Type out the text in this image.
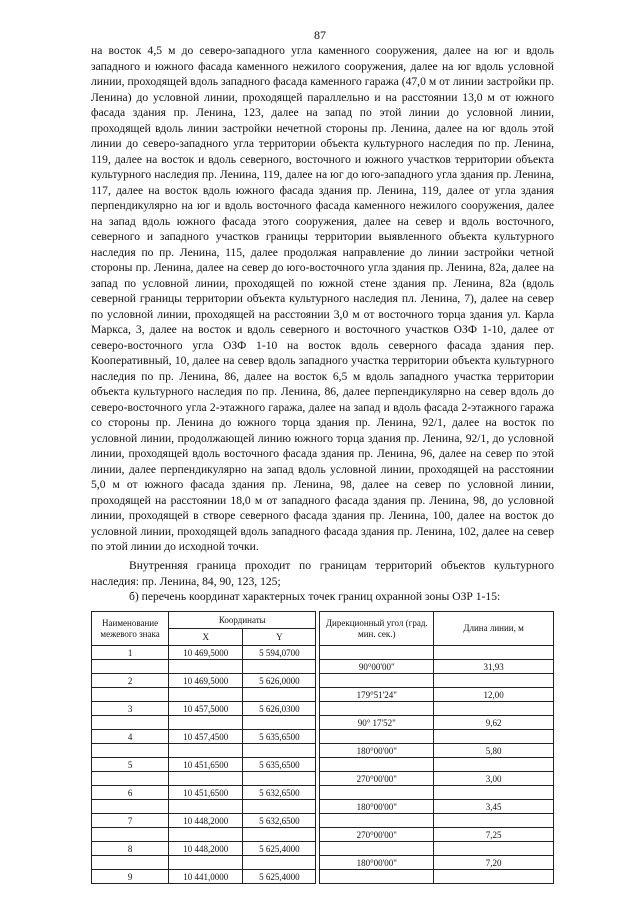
87

на восток 4,5 м до северо-западного угла каменного сооружения, далее на юг и вдоль западного и южного фасада каменного нежилого сооружения, далее на юг вдоль условной линии, проходящей вдоль западного фасада каменного гаража (47,0 м от линии застройки пр. Ленина) до условной линии, проходящей параллельно и на расстоянии 13,0 м от южного фасада здания пр. Ленина, 123, далее на запад по этой линии до условной линии, проходящей вдоль линии застройки нечетной стороны пр. Ленина, далее на юг вдоль этой линии до северо-западного угла территории объекта культурного наследия по пр. Ленина, 119, далее на восток и вдоль северного, восточного и южного участков территории объекта культурного наследия пр. Ленина, 119, далее на юг до юго-западного угла здания пр. Ленина, 117, далее на восток вдоль южного фасада здания пр. Ленина, 119, далее от угла здания перпендикулярно на юг и вдоль восточного фасада каменного нежилого сооружения, далее на запад вдоль южного фасада этого сооружения, далее на север и вдоль восточного, северного и западного участков границы территории выявленного объекта культурного наследия по пр. Ленина, 115, далее продолжая направление до линии застройки четной стороны пр. Ленина, далее на север до юго-восточного угла здания пр. Ленина, 82а, далее на запад по условной линии, проходящей по южной стене здания пр. Ленина, 82а (вдоль северной границы территории объекта культурного наследия пл. Ленина, 7), далее на север по условной линии, проходящей на расстоянии 3,0 м от восточного торца здания ул. Карла Маркса, 3, далее на восток и вдоль северного и восточного участков ОЗФ 1-10, далее от северо-восточного угла ОЗФ 1-10 на восток вдоль северного фасада здания пер. Кооперативный, 10, далее на север вдоль западного участка территории объекта культурного наследия по пр. Ленина, 86, далее на восток 6,5 м вдоль западного участка территории объекта культурного наследия по пр. Ленина, 86, далее перпендикулярно на север вдоль до северо-восточного угла 2-этажного гаража, далее на запад и вдоль фасада 2-этажного гаража со стороны пр. Ленина до южного торца здания пр. Ленина, 92/1, далее на восток по условной линии, продолжающей линию южного торца здания пр. Ленина, 92/1, до условной линии, проходящей вдоль восточного фасада здания пр. Ленина, 96, далее на север по этой линии, далее перпендикулярно на запад вдоль условной линии, проходящей на расстоянии 5,0 м от южного фасада здания пр. Ленина, 98, далее на север по условной линии, проходящей на расстоянии 18,0 м от западного фасада здания пр. Ленина, 98, до условной линии, проходящей в створе северного фасада здания пр. Ленина, 100, далее на восток до условной линии, проходящей вдоль западного фасада здания пр. Ленина, 102, далее на север по этой линии до исходной точки.

Внутренняя граница проходит по границам территорий объектов культурного наследия: пр. Ленина, 84, 90, 123, 125;

б) перечень координат характерных точек границ охранной зоны ОЗР 1-15:

Наименование межевого знака	Координаты			Дирекционный угол (град. мин. сек.)	Длина линии, м
	X	Y			
1	10 469,5000	5 594,0700			
				90°00'00"	31,93
2	10 469,5000	5 626,0000			
				179°51'24"	12,00
3	10 457,5000	5 626,0300			
				90° 17'52"	9,62
4	10 457,4500	5 635,6500			
				180°00'00"	5,80
5	10 451,6500	5 635,6500			
				270°00'00"	3,00
6	10 451,6500	5 632,6500			
				180°00'00"	3,45
7	10 448,2000	5 632,6500			
				270°00'00"	7,25
8	10 448,2000	5 625,4000			
				180°00'00"	7,20
9	10 441,0000	5 625,4000			
